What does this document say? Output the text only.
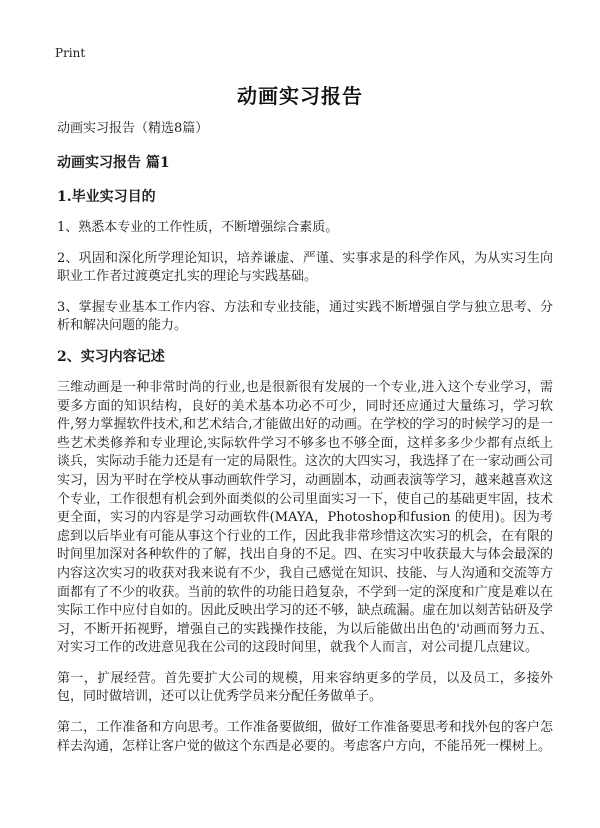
Print
动画实习报告

动画实习报告（精选8篇）

动画实习报告 篇1

1.毕业实习目的

1、熟悉本专业的工作性质，不断增强综合素质。

2、巩固和深化所学理论知识，培养谦虚、严谨、实事求是的科学作风，为从实习生向职业工作者过渡奠定扎实的理论与实践基础。

3、掌握专业基本工作内容、方法和专业技能，通过实践不断增强自学与独立思考、分析和解决问题的能力。

2、实习内容记述

三维动画是一种非常时尚的行业,也是很新很有发展的一个专业,进入这个专业学习，需要多方面的知识结构，良好的美术基本功必不可少，同时还应通过大量练习，学习软件,努力掌握软件技术,和艺术结合,才能做出好的动画。在学校的学习的时候学习的是一些艺术类修养和专业理论,实际软件学习不够多也不够全面，这样多多少少都有点纸上谈兵，实际动手能力还是有一定的局限性。这次的大四实习，我选择了在一家动画公司实习，因为平时在学校从事动画软件学习，动画剧本，动画表演等学习，越来越喜欢这个专业，工作很想有机会到外面类似的公司里面实习一下，使自己的基础更牢固，技术更全面，实习的内容是学习动画软件(MAYA，Photoshop和fusion 的使用)。因为考虑到以后毕业有可能从事这个行业的工作，因此我非常珍惜这次实习的机会，在有限的时间里加深对各种软件的了解，找出自身的不足。四、在实习中收获最大与体会最深的内容这次实习的收获对我来说有不少，我自己感觉在知识、技能、与人沟通和交流等方面都有了不少的收获。当前的软件的功能日趋复杂，不学到一定的深度和广度是难以在实际工作中应付自如的。因此反映出学习的还不够，缺点疏漏。虚在加以刻苦钻研及学习，不断开拓视野，增强自己的实践操作技能，为以后能做出出色的'动画而努力五、对实习工作的改进意见我在公司的这段时间里，就我个人而言，对公司提几点建议。

第一，扩展经营。首先要扩大公司的规模，用来容纳更多的学员，以及员工，多接外包，同时做培训，还可以让优秀学员来分配任务做单子。

第二，工作准备和方向思考。工作准备要做细，做好工作准备要思考和找外包的客户怎样去沟通，怎样让客户觉的做这个东西是必要的。考虑客户方向，不能吊死一棵树上。
